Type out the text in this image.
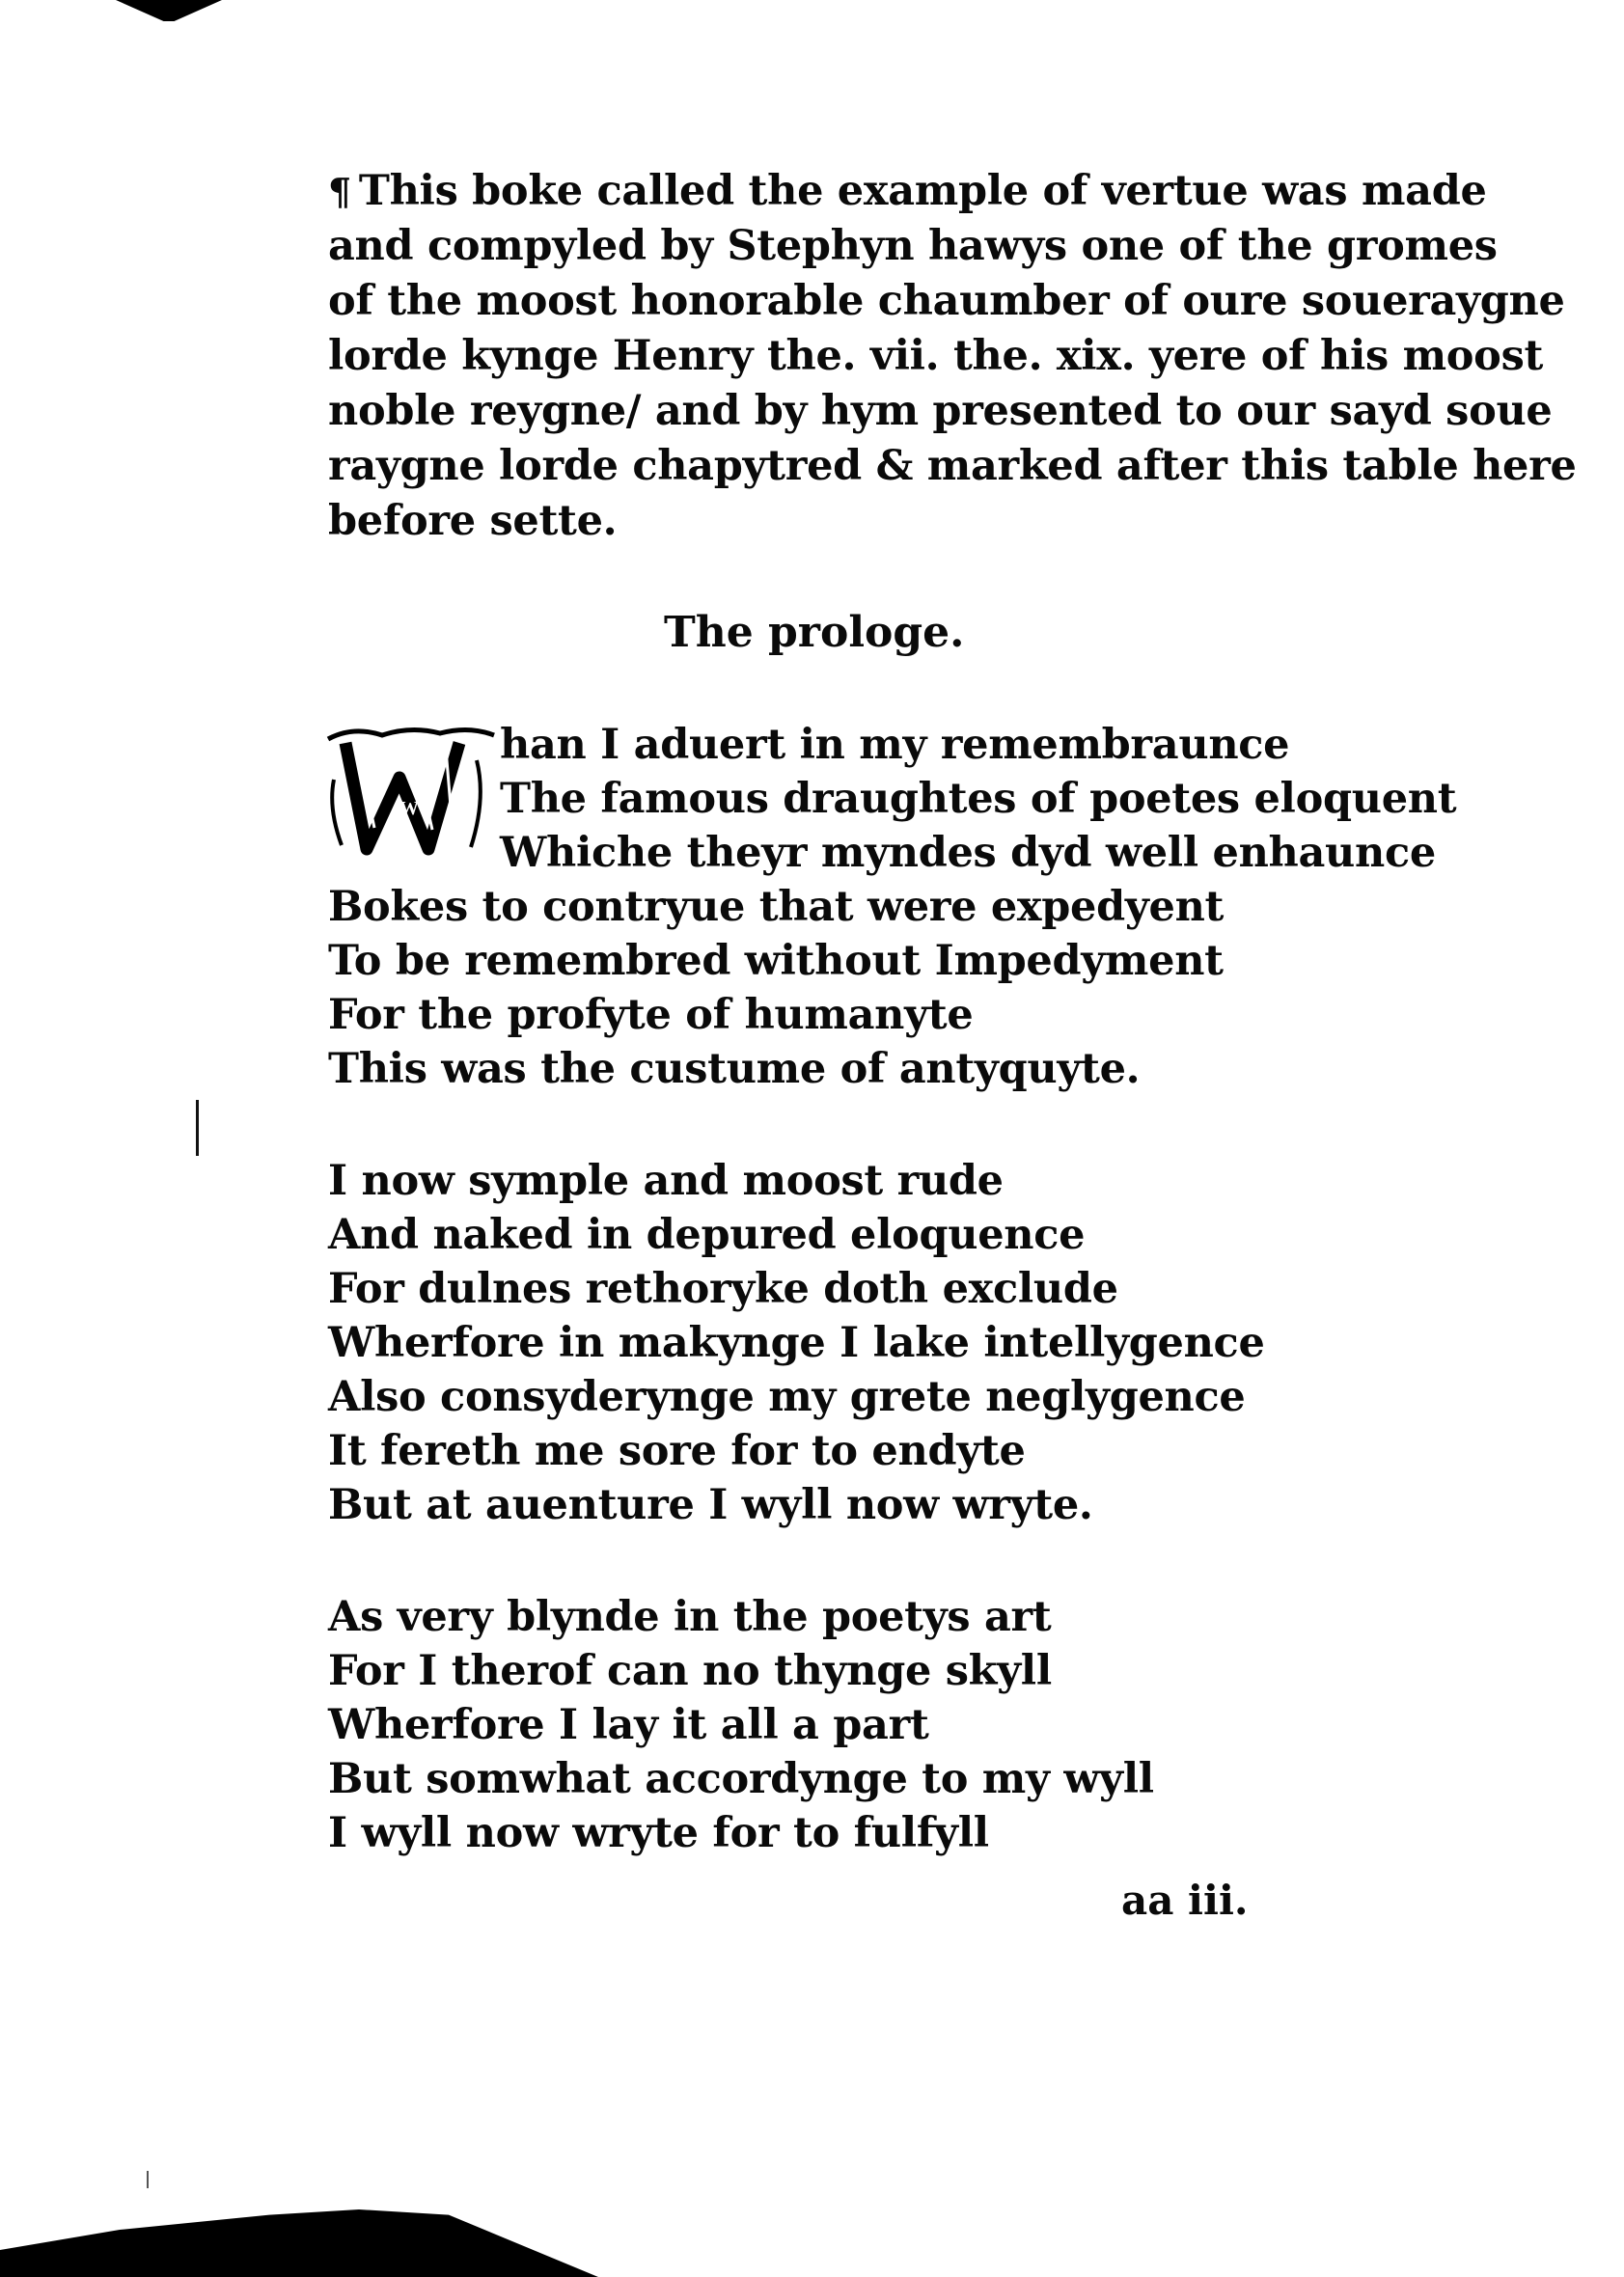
¶ This boke called the example of vertue was made
and compyled by Stephyn hawys one of the gromes
of the moost honorable chaumber of oure soueraygne
lorde kynge Henry the. vii. the. xix. yere of his moost
noble reygne/ and by hym presented to our sayd soue
raygne lorde chapytred & marked after this table here
before sette.
The prologe.
W
han I aduert in my remembraunce
The famous draughtes of poetes eloquent
Whiche theyr myndes dyd well enhaunce
Bokes to contryue that were expedyent
To be remembred without Impedyment
For the profyte of humanyte
This was the custume of antyquyte.
I now symple and moost rude
And naked in depured eloquence
For dulnes rethoryke doth exclude
Wherfore in makynge I lake intellygence
Also consyderynge my grete neglygence
It fereth me sore for to endyte
But at auenture I wyll now wryte.
As very blynde in the poetys art
For I therof can no thynge skyll
Wherfore I lay it all a part
But somwhat accordynge to my wyll
I wyll now wryte for to fulfyll
aa iii.
